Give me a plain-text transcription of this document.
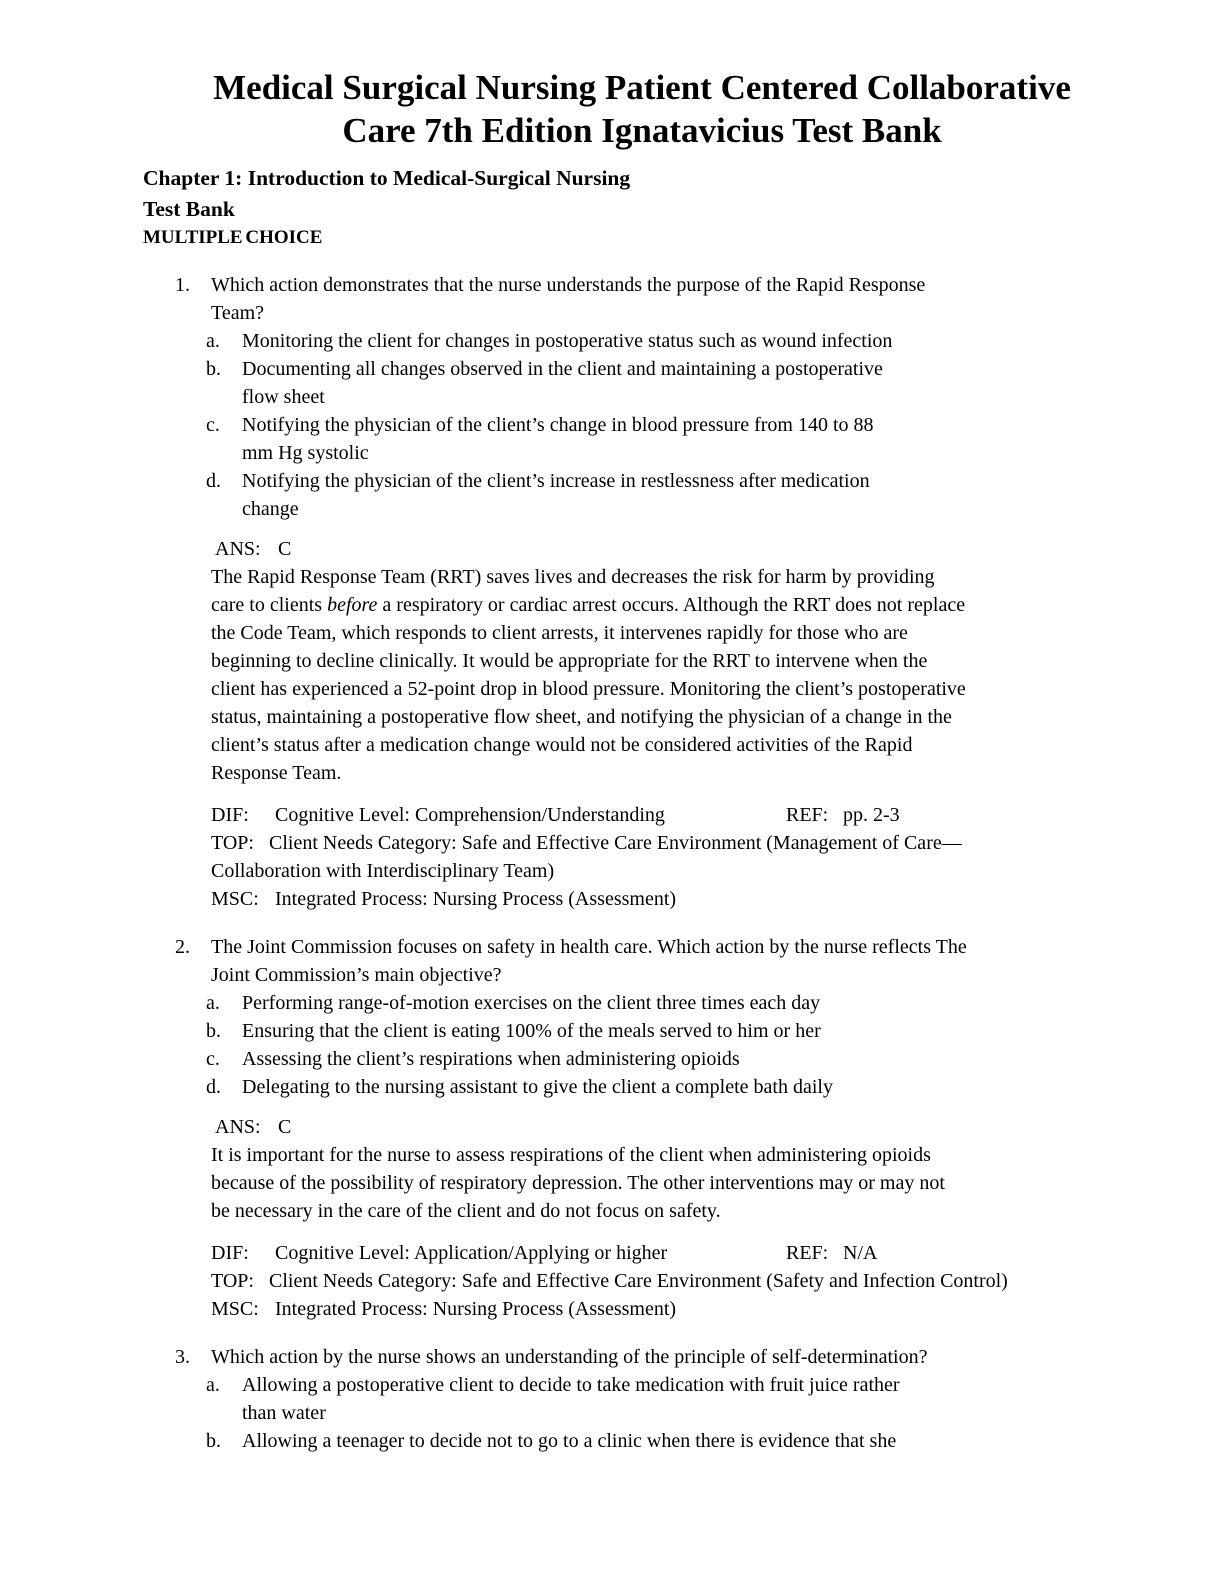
Medical Surgical Nursing Patient Centered Collaborative
Care 7th Edition Ignatavicius Test Bank
Chapter 1: Introduction to Medical-Surgical Nursing
Test Bank
MULTIPLE CHOICE
1.	Which action demonstrates that the nurse understands the purpose of the Rapid Response
Team?
a.	Monitoring the client for changes in postoperative status such as wound infection
b.	Documenting all changes observed in the client and maintaining a postoperative
flow sheet
c.	Notifying the physician of the client’s change in blood pressure from 140 to 88
mm Hg systolic
d.	Notifying the physician of the client’s increase in restlessness after medication
change
ANS: C
The Rapid Response Team (RRT) saves lives and decreases the risk for harm by providing
care to clients before a respiratory or cardiac arrest occurs. Although the RRT does not replace
the Code Team, which responds to client arrests, it intervenes rapidly for those who are
beginning to decline clinically. It would be appropriate for the RRT to intervene when the
client has experienced a 52-point drop in blood pressure. Monitoring the client’s postoperative
status, maintaining a postoperative flow sheet, and notifying the physician of a change in the
client’s status after a medication change would not be considered activities of the Rapid
Response Team.
DIF: Cognitive Level: Comprehension/Understanding	REF: pp. 2-3
TOP: Client Needs Category: Safe and Effective Care Environment (Management of Care—
Collaboration with Interdisciplinary Team)
MSC: Integrated Process: Nursing Process (Assessment)
2.	The Joint Commission focuses on safety in health care. Which action by the nurse reflects The
Joint Commission’s main objective?
a.	Performing range-of-motion exercises on the client three times each day
b.	Ensuring that the client is eating 100% of the meals served to him or her
c.	Assessing the client’s respirations when administering opioids
d.	Delegating to the nursing assistant to give the client a complete bath daily
ANS: C
It is important for the nurse to assess respirations of the client when administering opioids
because of the possibility of respiratory depression. The other interventions may or may not
be necessary in the care of the client and do not focus on safety.
DIF: Cognitive Level: Application/Applying or higher	REF: N/A
TOP: Client Needs Category: Safe and Effective Care Environment (Safety and Infection Control)
MSC: Integrated Process: Nursing Process (Assessment)
3.	Which action by the nurse shows an understanding of the principle of self-determination?
a.	Allowing a postoperative client to decide to take medication with fruit juice rather
than water
b.	Allowing a teenager to decide not to go to a clinic when there is evidence that she
